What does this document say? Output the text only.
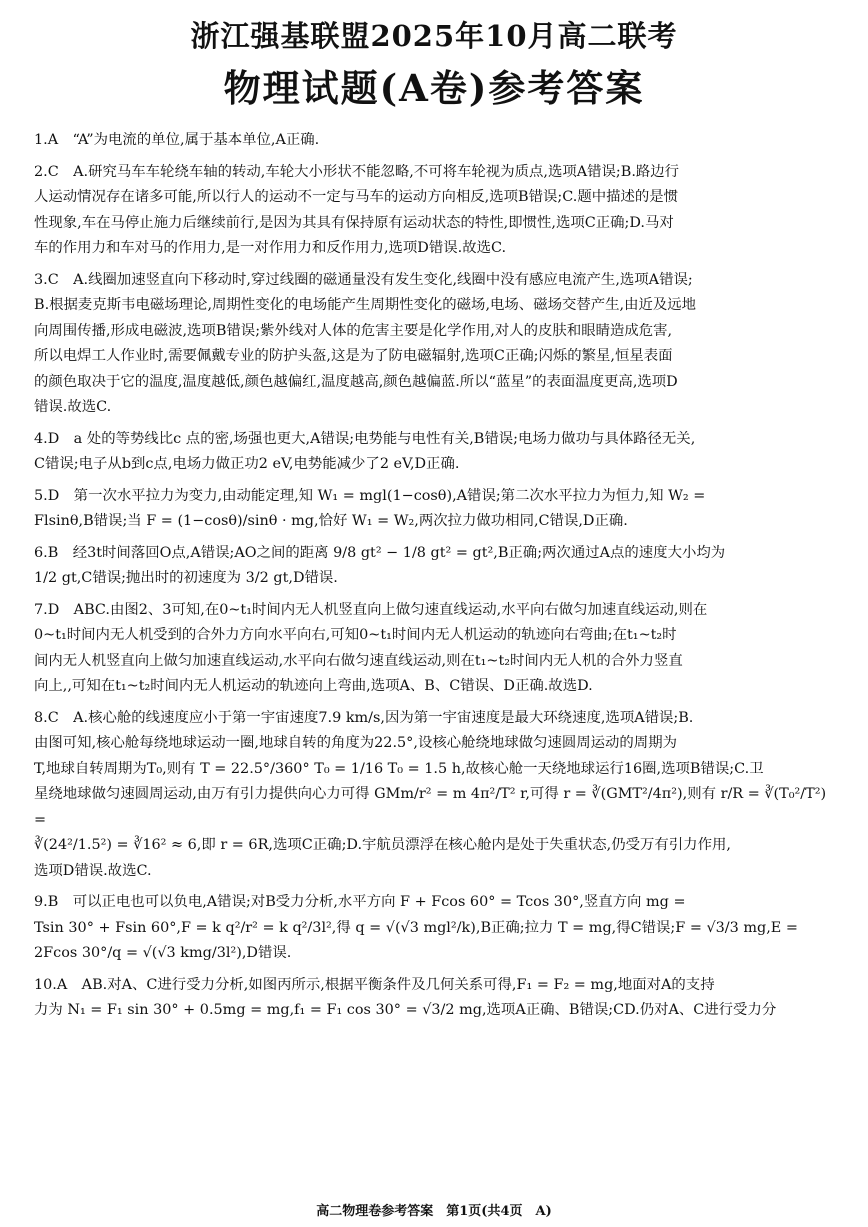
浙江强基联盟2025年10月高二联考
物理试题(A卷)参考答案
1.A  “A”为电流的单位,属于基本单位,A正确.
2.C  A.研究马车车轮绕车轴的转动,车轮大小形状不能忽略,不可将车轮视为质点,选项A错误;B.路边行
人运动情况存在诸多可能,所以行人的运动不一定与马车的运动方向相反,选项B错误;C.题中描述的是惯
性现象,车在马停止施力后继续前行,是因为其具有保持原有运动状态的特性,即惯性,选项C正确;D.马对
车的作用力和车对马的作用力,是一对作用力和反作用力,选项D错误.故选C.
3.C  A.线圈加速竖直向下移动时,穿过线圈的磁通量没有发生变化,线圈中没有感应电流产生,选项A错误;
B.根据麦克斯韦电磁场理论,周期性变化的电场能产生周期性变化的磁场,电场、磁场交替产生,由近及远地
向周围传播,形成电磁波,选项B错误;紫外线对人体的危害主要是化学作用,对人的皮肤和眼睛造成危害,
所以电焊工人作业时,需要佩戴专业的防护头盔,这是为了防电磁辐射,选项C正确;闪烁的繁星,恒星表面
的颜色取决于它的温度,温度越低,颜色越偏红,温度越高,颜色越偏蓝.所以“蓝星”的表面温度更高,选项D
错误.故选C.
4.D  a 处的等势线比c 点的密,场强也更大,A错误;电势能与电性有关,B错误;电场力做功与具体路径无关,
C错误;电子从b到c点,电场力做正功2 eV,电势能减少了2 eV,D正确.
5.D  第一次水平拉力为变力,由动能定理,知 W₁ = mgl(1−cosθ),A错误;第二次水平拉力为恒力,知 W₂ =
Flsinθ,B错误;当 F = (1−cosθ)/sinθ · mg,恰好 W₁ = W₂,两次拉力做功相同,C错误,D正确.
6.B  经3t时间落回O点,A错误;AO之间的距离 9/8 gt² − 1/8 gt² = gt²,B正确;两次通过A点的速度大小均为
1/2 gt,C错误;抛出时的初速度为 3/2 gt,D错误.
7.D  ABC.由图2、3可知,在0~t₁时间内无人机竖直向上做匀速直线运动,水平向右做匀加速直线运动,则在
0~t₁时间内无人机受到的合外力方向水平向右,可知0~t₁时间内无人机运动的轨迹向右弯曲;在t₁~t₂时
间内无人机竖直向上做匀加速直线运动,水平向右做匀速直线运动,则在t₁~t₂时间内无人机的合外力竖直
向上,,可知在t₁~t₂时间内无人机运动的轨迹向上弯曲,选项A、B、C错误、D正确.故选D.
8.C  A.核心舱的线速度应小于第一宇宙速度7.9 km/s,因为第一宇宙速度是最大环绕速度,选项A错误;B.
由图可知,核心舱每绕地球运动一圈,地球自转的角度为22.5°,设核心舱绕地球做匀速圆周运动的周期为
T,地球自转周期为T₀,则有 T = 22.5°/360° T₀ = 1/16 T₀ = 1.5 h,故核心舱一天绕地球运行16圈,选项B错误;C.卫
星绕地球做匀速圆周运动,由万有引力提供向心力可得 GMm/r² = m 4π²/T² r,可得 r = ∛(GMT²/4π²),则有 r/R = ∛(T₀²/T²) =
∛(24²/1.5²) = ∛16² ≈ 6,即 r = 6R,选项C正确;D.宇航员漂浮在核心舱内是处于失重状态,仍受万有引力作用,
选项D错误.故选C.
9.B  可以正电也可以负电,A错误;对B受力分析,水平方向 F + Fcos 60° = Tcos 30°,竖直方向 mg =
Tsin 30° + Fsin 60°,F = k q²/r² = k q²/3l²,得 q = √(√3 mgl²/k),B正确;拉力 T = mg,得C错误;F = √3/3 mg,E =
2Fcos 30°/q = √(√3 kmg/3l²),D错误.
10.A  AB.对A、C进行受力分析,如图丙所示,根据平衡条件及几何关系可得,F₁ = F₂ = mg,地面对A的支持
力为 N₁ = F₁ sin 30° + 0.5mg = mg,f₁ = F₁ cos 30° = √3/2 mg,选项A正确、B错误;CD.仍对A、C进行受力分
高二物理卷参考答案　第1页(共4页　A)
